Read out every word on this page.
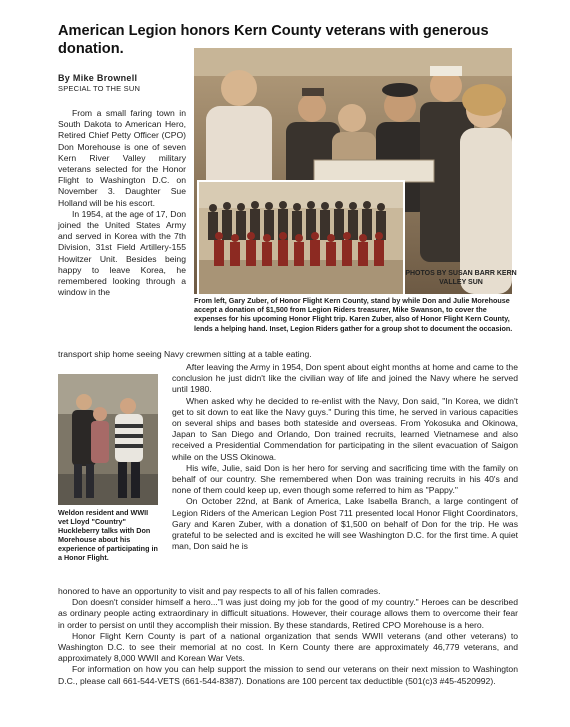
American Legion honors Kern County veterans with generous donation.
By Mike Brownell
SPECIAL TO THE SUN
PHOTOS BY SUSAN BARR KERN VALLEY SUN
From left, Gary Zuber, of Honor Flight Kern County, stand by while Don and Julie Morehouse accept a donation of $1,500 from Legion Riders treasurer, Mike Swanson, to cover the expenses for his upcoming Honor Flight trip. Karen Zuber, also of Honor Flight Kern County, lends a helping hand. Inset, Legion Riders gather for a group shot to document the occasion.

From a small faring town in South Dakota to American Hero, Retired Chief Petty Officer (CPO) Don Morehouse is one of seven Kern River Valley military veterans selected for the Honor Flight to Washington D.C. on November 3. Daughter Sue Holland will be his escort.

In 1954, at the age of 17, Don joined the United States Army and served in Korea with the 7th Division, 31st Field Artillery-155 Howitzer Unit. Besides being happy to leave Korea, he remembered looking through a window in the

transport ship home seeing Navy crewmen sitting at a table eating.

Weldon resident and WWII vet Lloyd "Country" Huckleberry talks with Don Morehouse about his experience of participating in a Honor Flight.

After leaving the Army in 1954, Don spent about eight months at home and came to the conclusion he just didn't like the civilian way of life and joined the Navy where he served until 1980.

When asked why he decided to re-enlist with the Navy, Don said, "In Korea, we didn't get to sit down to eat like the Navy guys." During this time, he served in various capacities on several ships and bases both stateside and overseas. From Yokosuka and Okinowa, Japan to San Diego and Orlando, Don trained recruits, learned Vietnamese and also received a Presidential Commendation for participating in the silent evacuation of Saigon while on the USS Okinowa.

His wife, Julie, said Don is her hero for serving and sacrificing time with the family on behalf of our country. She remembered when Don was training recruits in his 40's and none of them could keep up, even though some referred to him as "Pappy."

On October 22nd, at Bank of America, Lake Isabella Branch, a large contingent of Legion Riders of the American Legion Post 711 presented local Honor Flight Coordinators, Gary and Karen Zuber, with a donation of $1,500 on behalf of Don for the trip. He was grateful to be selected and is excited he will see Washington D.C. for the first time. A quiet man, Don said he is

honored to have an opportunity to visit and pay respects to all of his fallen comrades.

Don doesn't consider himself a hero..."I was just doing my job for the good of my country." Heroes can be described as ordinary people acting extraordinary in difficult situations. However, their courage allows them to overcome their fear in order to persist on until they accomplish their mission. By these standards, Retired CPO Morehouse is a hero.

Honor Flight Kern County is part of a national organization that sends WWII veterans (and other veterans) to Washington D.C. to see their memorial at no cost. In Kern County there are approximately 46,779 veterans, and approximately 8,000 WWII and Korean War Vets.

For information on how you can help support the mission to send our veterans on their next mission to Washington D.C., please call 661-544-VETS (661-544-8387). Donations are 100 percent tax deductible (501(c)3 #45-4520992).
